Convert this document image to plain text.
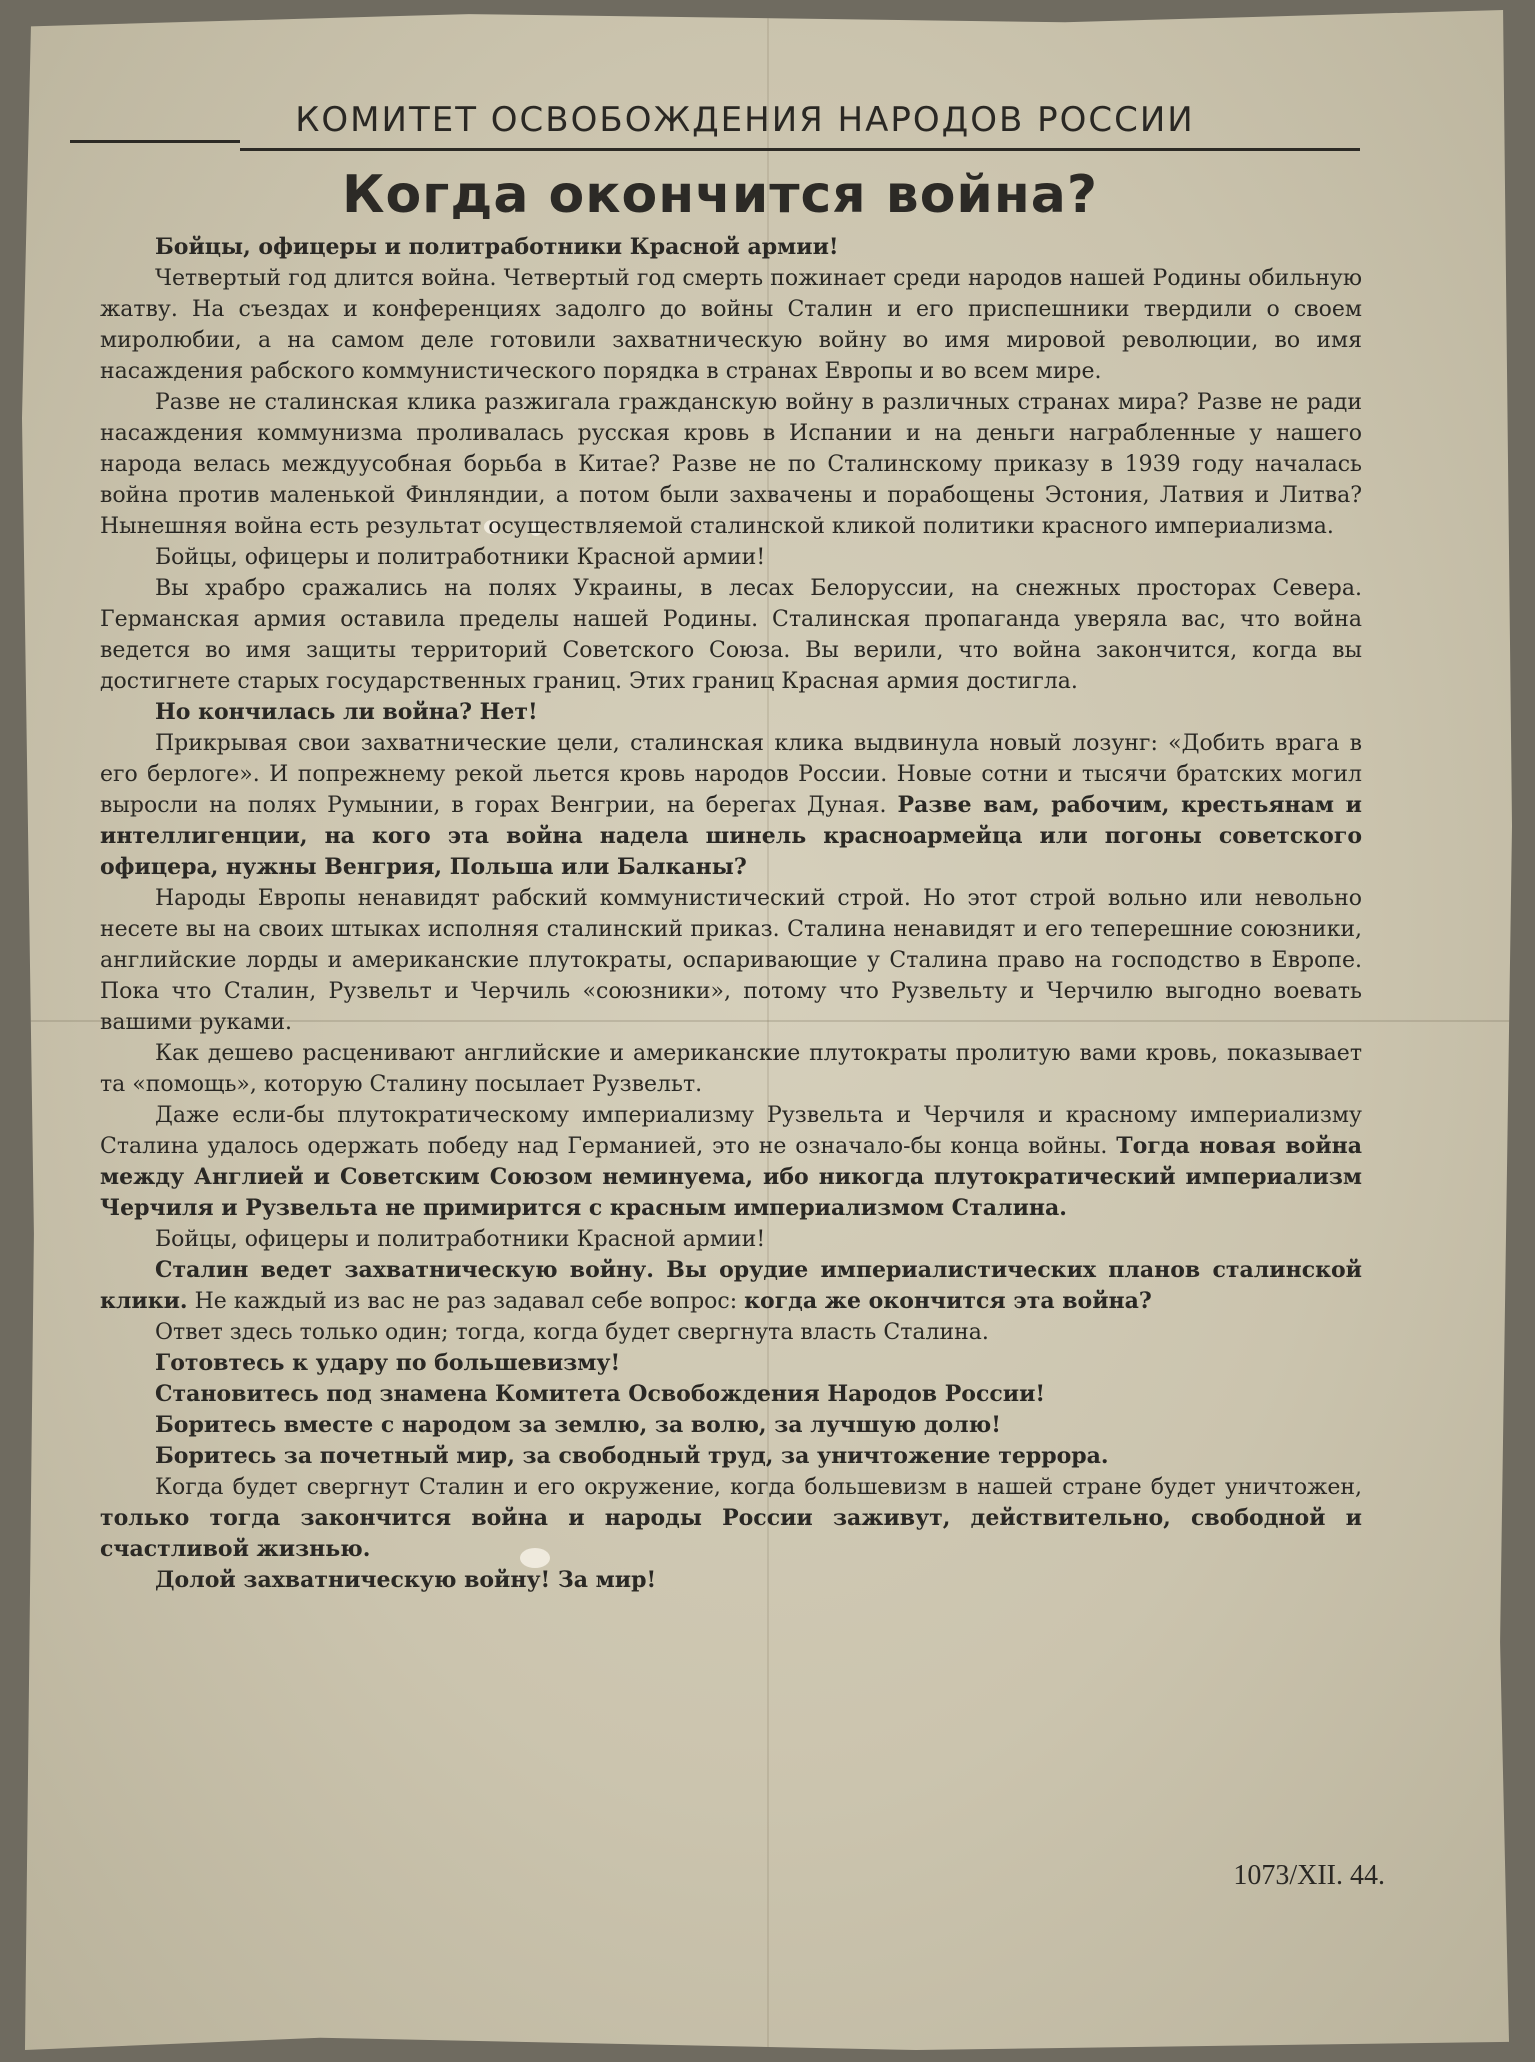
КОМИТЕТ ОСВОБОЖДЕНИЯ НАРОДОВ РОССИИ
Когда окончится война?

Бойцы, офицеры и политработники Красной армии!

Четвертый год длится война. Четвертый год смерть пожинает среди народов нашей Родины обильную жатву. На съездах и конференциях задолго до войны Сталин и его приспешники твердили о своем миролюбии, а на самом деле готовили захватническую войну во имя мировой революции, во имя насаждения рабского коммунистического порядка в странах Европы и во всем мире.

Разве не сталинская клика разжигала гражданскую войну в различных странах мира? Разве не ради насаждения коммунизма проливалась русская кровь в Испании и на деньги награбленные у нашего народа велась междуусобная борьба в Китае? Разве не по Сталинскому приказу в 1939 году началась война против маленькой Финляндии, а потом были захвачены и порабощены Эстония, Латвия и Литва? Нынешняя война есть результат осуществляемой сталинской кликой политики красного империализма.

Бойцы, офицеры и политработники Красной армии!

Вы храбро сражались на полях Украины, в лесах Белоруссии, на снежных просторах Севера. Германская армия оставила пределы нашей Родины. Сталинская пропаганда уверяла вас, что война ведется во имя защиты территорий Советского Союза. Вы верили, что война закончится, когда вы достигнете старых государственных границ. Этих границ Красная армия достигла.

Но кончилась ли война? Нет!

Прикрывая свои захватнические цели, сталинская клика выдвинула новый лозунг: «Добить врага в его берлоге». И попрежнему рекой льется кровь народов России. Новые сотни и тысячи братских могил выросли на полях Румынии, в горах Венгрии, на берегах Дуная. Разве вам, рабочим, крестьянам и интеллигенции, на кого эта война надела шинель красноармейца или погоны советского офицера, нужны Венгрия, Польша или Балканы?

Народы Европы ненавидят рабский коммунистический строй. Но этот строй вольно или невольно несете вы на своих штыках исполняя сталинский приказ. Сталина ненавидят и его теперешние союзники, английские лорды и американские плутократы, оспаривающие у Сталина право на господство в Европе. Пока что Сталин, Рузвельт и Черчиль «союзники», потому что Рузвельту и Черчилю выгодно воевать вашими руками.

Как дешево расценивают английские и американские плутократы пролитую вами кровь, показывает та «помощь», которую Сталину посылает Рузвельт.

Даже если-бы плутократическому империализму Рузвельта и Черчиля и красному империализму Сталина удалось одержать победу над Германией, это не означало-бы конца войны. Тогда новая война между Англией и Советским Союзом неминуема, ибо никогда плутократический империализм Черчиля и Рузвельта не примирится с красным империализмом Сталина.

Бойцы, офицеры и политработники Красной армии!

Сталин ведет захватническую войну. Вы орудие империалистических планов сталинской клики. Не каждый из вас не раз задавал себе вопрос: когда же окончится эта война?

Ответ здесь только один; тогда, когда будет свергнута власть Сталина.

Готовтесь к удару по большевизму!

Становитесь под знамена Комитета Освобождения Народов России!

Боритесь вместе с народом за землю, за волю, за лучшую долю!

Боритесь за почетный мир, за свободный труд, за уничтожение террора.

Когда будет свергнут Сталин и его окружение, когда большевизм в нашей стране будет уничтожен, только тогда закончится война и народы России заживут, действительно, свободной и счастливой жизнью.

Долой захватническую войну! За мир!

1073/XII. 44.
